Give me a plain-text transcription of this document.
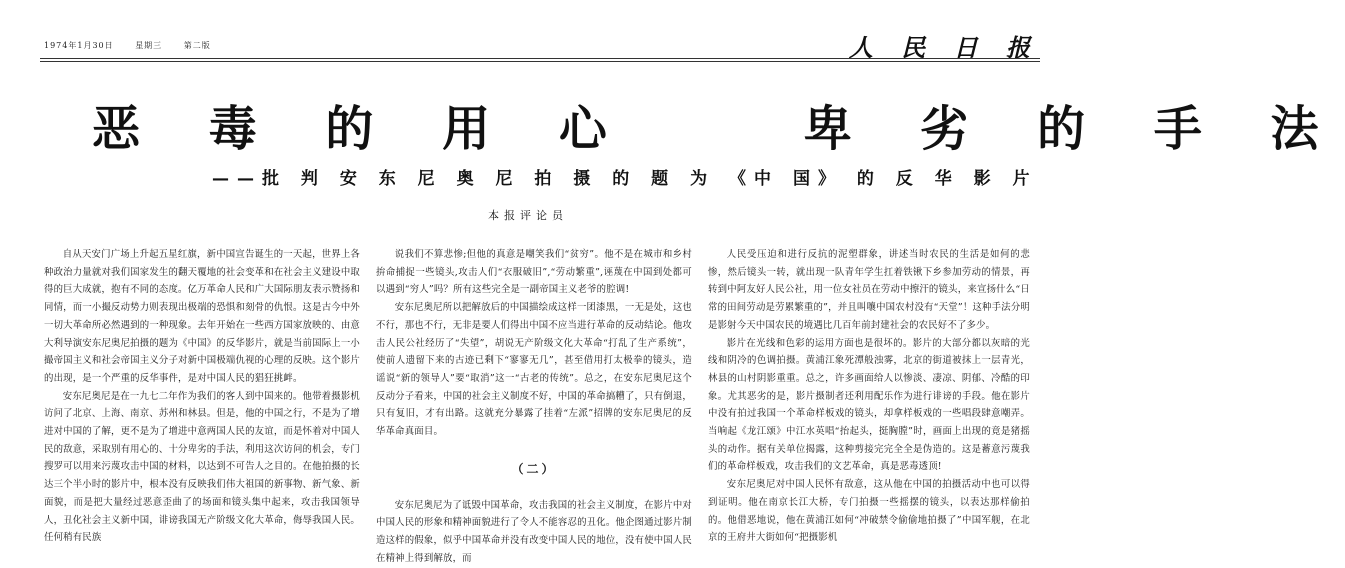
1974年1月30日	星期三	第二版	人 民 日 报
恶 毒 的 用 心    卑 劣 的 手 法
——批 判 安 东 尼 奥 尼 拍 摄 的 题 为 《中 国》 的 反 华 影 片
本报评论员

自从天安门广场上升起五星红旗，新中国宣告诞生的一天起，世界上各种政治力量就对我们国家发生的翻天覆地的社会变革和在社会主义建设中取得的巨大成就，抱有不同的态度。亿万革命人民和广大国际朋友表示赞扬和同情，而一小撮反动势力则表现出极端的恐惧和刻骨的仇恨。这是古今中外一切大革命所必然遇到的一种现象。去年开始在一些西方国家放映的、由意大利导演安东尼奥尼拍摄的题为《中国》的反华影片，就是当前国际上一小撮帝国主义和社会帝国主义分子对新中国极端仇视的心理的反映。这个影片的出现，是一个严重的反华事件，是对中国人民的猖狂挑衅。

安东尼奥尼是在一九七二年作为我们的客人到中国来的。他带着摄影机访问了北京、上海、南京、苏州和林县。但是，他的中国之行，不是为了增进对中国的了解，更不是为了增进中意两国人民的友谊，而是怀着对中国人民的敌意，采取别有用心的、十分卑劣的手法，利用这次访问的机会，专门搜罗可以用来污蔑攻击中国的材料，以达到不可告人之目的。在他拍摄的长达三个半小时的影片中，根本没有反映我们伟大祖国的新事物、新气象、新面貌，而是把大量经过恶意歪曲了的场面和镜头集中起来，攻击我国领导人，丑化社会主义新中国，诽谤我国无产阶级文化大革命，侮辱我国人民。任何稍有民族

说我们不算悲惨;但他的真意是嘲笑我们“贫穷”。他不是在城市和乡村拚命捕捉一些镜头,攻击人们“衣服破旧”,“劳动繁重”,诬蔑在中国到处都可以遇到“穷人”吗？所有这些完全是一副帝国主义老爷的腔调!

安东尼奥尼所以把解放后的中国描绘成这样一团漆黑，一无是处，这也不行，那也不行，无非是要人们得出中国不应当进行革命的反动结论。他攻击人民公社经历了“失望”，胡说无产阶级文化大革命“打乱了生产系统”，使前人遗留下来的古迹已剩下“寥寥无几”，甚至借用打太极拳的镜头，造谣说“新的领导人”要“取消”这一“古老的传统”。总之，在安东尼奥尼这个反动分子看来，中国的社会主义制度不好，中国的革命搞糟了，只有倒退，只有复旧，才有出路。这就充分暴露了挂着“左派”招牌的安东尼奥尼的反华革命真面目。

（二）

安东尼奥尼为了诋毁中国革命，攻击我国的社会主义制度，在影片中对中国人民的形象和精神面貌进行了令人不能容忍的丑化。他企图通过影片制造这样的假象，似乎中国革命并没有改变中国人民的地位，没有使中国人民在精神上得到解放，而

人民受压迫和进行反抗的泥塑群象，讲述当时农民的生活是如何的悲惨，然后镜头一转，就出现一队青年学生扛着铁锹下乡参加劳动的情景，再转到中阿友好人民公社，用一位女社员在劳动中擦汗的镜头，来宣扬什么“日常的田间劳动是劳累繁重的”，并且叫嚷中国农村没有“天堂”！这种手法分明是影射今天中国农民的境遇比几百年前封建社会的农民好不了多少。

影片在光线和色彩的运用方面也是很坏的。影片的大部分都以灰暗的光线和阴冷的色调拍摄。黄浦江象死潭般浊雾，北京的街道被抹上一层青光，林县的山村阴影重重。总之，许多画面给人以惨淡、凄凉、阴郁、冷酷的印象。尤其恶劣的是，影片摄制者还利用配乐作为进行诽谤的手段。他在影片中没有拍过我国一个革命样板戏的镜头，却拿样板戏的一些唱段肆意嘲弄。当响起《龙江颂》中江水英唱“抬起头，挺胸膛”时，画面上出现的竟是猪摇头的动作。据有关单位揭露，这种剪接完完全全是伪造的。这是蓄意污蔑我们的革命样板戏，攻击我们的文艺革命，真是恶毒透顶!

安东尼奥尼对中国人民怀有敌意，这从他在中国的拍摄活动中也可以得到证明。他在南京长江大桥，专门拍摄一些摇摆的镜头，以表达那样偷拍的。他借恶地说，他在黄浦江如何“冲破禁令偷偷地拍摄了”中国军舰，在北京的王府井大街如何“把摄影机
